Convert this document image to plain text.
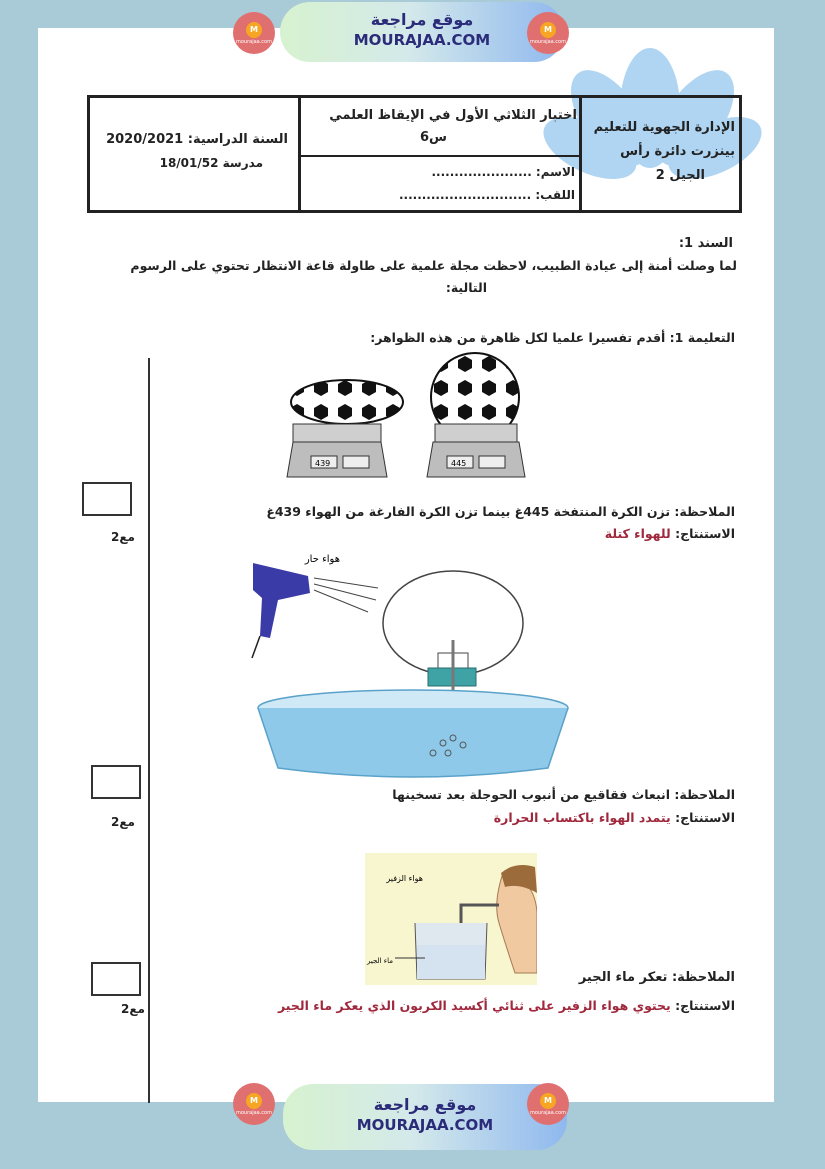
M
mourajaa.com
موقع مراجعة
MOURAJAA.COM
M
mourajaa.com
الإدارة الجهوية للتعليم
بينزرت دائرة رأس
الجيل 2
اختبار الثلاثي الأول في الإيقاظ العلمي
س6
الاسم: ......................
اللقب: .............................
السنة الدراسية: 2020/2021
مدرسة 18/01/52
السند 1:
لما وصلت أمنة إلى عيادة الطبيب، لاحظت مجلة علمية على طاولة قاعة الانتظار تحتوي على الرسوم
التالية:
التعليمة 1: أقدم تفسيرا علميا لكل ظاهرة من هذه الظواهر:
439	445
مع2
الملاحظة: تزن الكرة المنتفخة 445غ بينما تزن الكرة الفارغة من الهواء 439غ
الاستنتاج: للهواء كتلة
هواء حار
مع2
الملاحظة: انبعاث فقاقيع من أنبوب الحوجلة بعد تسخينها
الاستنتاج: يتمدد الهواء باكتساب الحرارة
هواء الزفير
ماء الجير
مع2
الملاحظة: تعكر ماء الجير
الاستنتاج: يحتوي هواء الزفير على ثنائي أكسيد الكربون الذي يعكر ماء الجير
M
mourajaa.com	موقع مراجعة
MOURAJAA.COM
M
mourajaa.com
